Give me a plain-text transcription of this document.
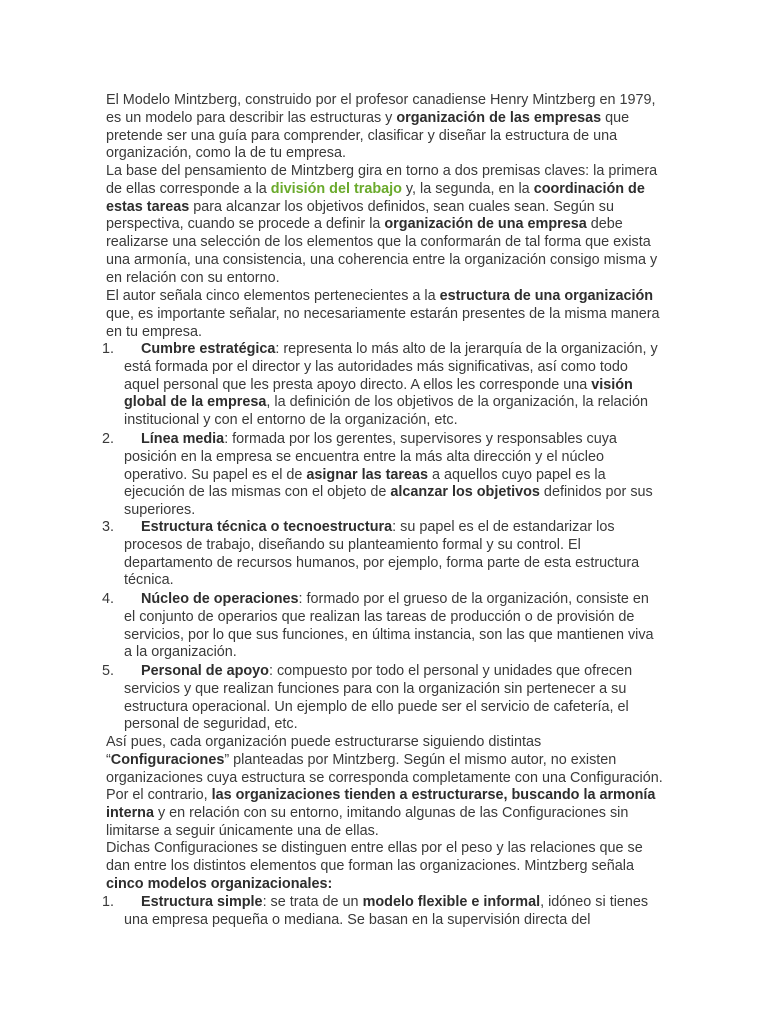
El Modelo Mintzberg, construido por el profesor canadiense Henry Mintzberg en 1979, es un modelo para describir las estructuras y organización de las empresas que pretende ser una guía para comprender, clasificar y diseñar la estructura de una organización, como la de tu empresa.

La base del pensamiento de Mintzberg gira en torno a dos premisas claves: la primera de ellas corresponde a la división del trabajo y, la segunda, en la coordinación de estas tareas para alcanzar los objetivos definidos, sean cuales sean. Según su perspectiva, cuando se procede a definir la organización de una empresa debe realizarse una selección de los elementos que la conformarán de tal forma que exista una armonía, una consistencia, una coherencia entre la organización consigo misma y en relación con su entorno.

El autor señala cinco elementos pertenecientes a la estructura de una organización que, es importante señalar, no necesariamente estarán presentes de la misma manera en tu empresa.

1.	Cumbre estratégica: representa lo más alto de la jerarquía de la organización, y está formada por el director y las autoridades más significativas, así como todo aquel personal que les presta apoyo directo. A ellos les corresponde una visión global de la empresa, la definición de los objetivos de la organización, la relación institucional y con el entorno de la organización, etc.

2.	Línea media: formada por los gerentes, supervisores y responsables cuya posición en la empresa se encuentra entre la más alta dirección y el núcleo operativo. Su papel es el de asignar las tareas a aquellos cuyo papel es la ejecución de las mismas con el objeto de alcanzar los objetivos definidos por sus superiores.

3.	Estructura técnica o tecnoestructura: su papel es el de estandarizar los procesos de trabajo, diseñando su planteamiento formal y su control. El departamento de recursos humanos, por ejemplo, forma parte de esta estructura técnica.

4.	Núcleo de operaciones: formado por el grueso de la organización, consiste en el conjunto de operarios que realizan las tareas de producción o de provisión de servicios, por lo que sus funciones, en última instancia, son las que mantienen viva a la organización.

5.	Personal de apoyo: compuesto por todo el personal y unidades que ofrecen servicios y que realizan funciones para con la organización sin pertenecer a su estructura operacional. Un ejemplo de ello puede ser el servicio de cafetería, el personal de seguridad, etc.

Así pues, cada organización puede estructurarse siguiendo distintas “Configuraciones” planteadas por Mintzberg. Según el mismo autor, no existen organizaciones cuya estructura se corresponda completamente con una Configuración. Por el contrario, las organizaciones tienden a estructurarse, buscando la armonía interna y en relación con su entorno, imitando algunas de las Configuraciones sin limitarse a seguir únicamente una de ellas.

Dichas Configuraciones se distinguen entre ellas por el peso y las relaciones que se dan entre los distintos elementos que forman las organizaciones. Mintzberg señala cinco modelos organizacionales:

1.	Estructura simple: se trata de un modelo flexible e informal, idóneo si tienes una empresa pequeña o mediana. Se basan en la supervisión directa del
